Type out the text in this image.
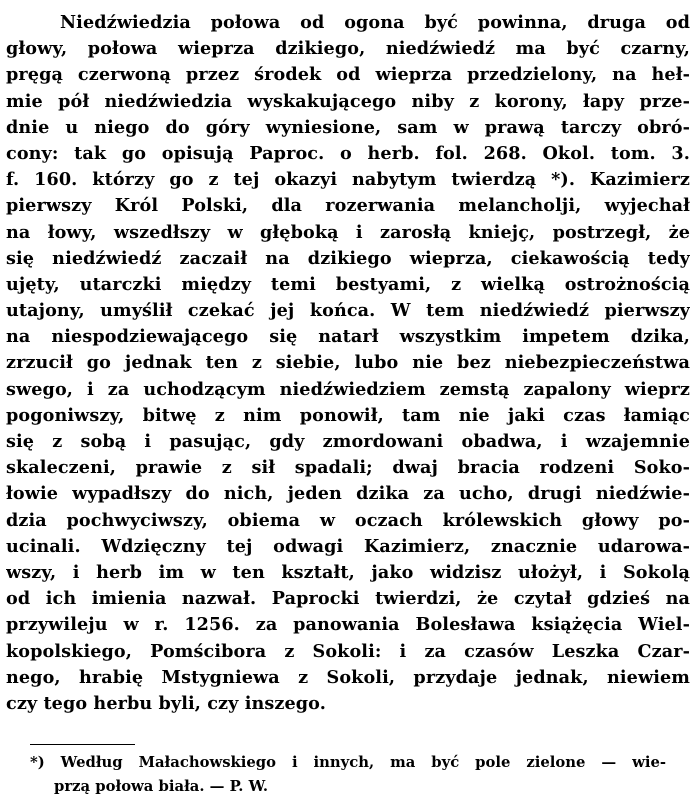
Niedźwiedzia połowa od ogona być powinna, druga od
głowy, połowa wieprza dzikiego, niedźwiedź ma być czarny,
pręgą czerwoną przez środek od wieprza przedzielony, na heł-
mie pół niedźwiedzia wyskakującego niby z korony, łapy prze-
dnie u niego do góry wyniesione, sam w prawą tarczy obró-
cony: tak go opisują Paproc. o herb. fol. 268. Okol. tom. 3.
f. 160. którzy go z tej okazyi nabytym twierdzą *). Kazimierz
pierwszy Król Polski, dla rozerwania melancholji, wyjechał
na łowy, wszedłszy w głęboką i zarosłą kniejç, postrzegł, że
się niedźwiedź zaczaił na dzikiego wieprza, ciekawością tedy
ujęty, utarczki między temi bestyami, z wielką ostrożnością
utajony, umyślił czekać jej końca. W tem niedźwiedź pierwszy
na niespodziewającego się natarł wszystkim impetem dzika,
zrzucił go jednak ten z siebie, lubo nie bez niebezpieczeństwa
swego, i za uchodzącym niedźwiedziem zemstą zapalony wieprz
pogoniwszy, bitwę z nim ponowił, tam nie jaki czas łamiąc
się z sobą i pasując, gdy zmordowani obadwa, i wzajemnie
skaleczeni, prawie z sił spadali; dwaj bracia rodzeni Soko-
łowie wypadłszy do nich, jeden dzika za ucho, drugi niedźwie-
dzia pochwyciwszy, obiema w oczach królewskich głowy po-
ucinali. Wdzięczny tej odwagi Kazimierz, znacznie udarowa-
wszy, i herb im w ten kształt, jako widzisz ułożył, i Sokolą
od ich imienia nazwał. Paprocki twierdzi, że czytał gdzieś na
przywileju w r. 1256. za panowania Bolesława książęcia Wiel-
kopolskiego, Pomścibora z Sokoli: i za czasów Leszka Czar-
nego, hrabię Mstygniewa z Sokoli, przydaje jednak, niewiem
czy tego herbu byli, czy inszego.
*) Według Małachowskiego i innych, ma być pole zielone — wie-
przą połowa biała. — P. W.
